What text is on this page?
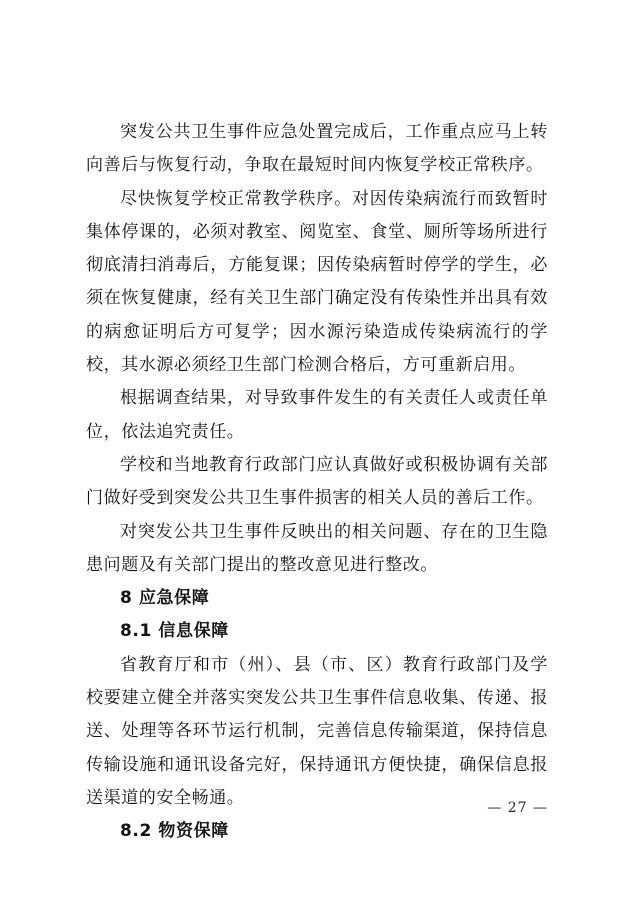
突发公共卫生事件应急处置完成后，工作重点应马上转向善后与恢复行动，争取在最短时间内恢复学校正常秩序。

尽快恢复学校正常教学秩序。对因传染病流行而致暂时集体停课的，必须对教室、阅览室、食堂、厕所等场所进行彻底清扫消毒后，方能复课；因传染病暂时停学的学生，必须在恢复健康，经有关卫生部门确定没有传染性并出具有效的病愈证明后方可复学；因水源污染造成传染病流行的学校，其水源必须经卫生部门检测合格后，方可重新启用。

根据调查结果，对导致事件发生的有关责任人或责任单位，依法追究责任。

学校和当地教育行政部门应认真做好或积极协调有关部门做好受到突发公共卫生事件损害的相关人员的善后工作。

对突发公共卫生事件反映出的相关问题、存在的卫生隐患问题及有关部门提出的整改意见进行整改。

8 应急保障

8.1 信息保障

省教育厅和市（州）、县（市、区）教育行政部门及学校要建立健全并落实突发公共卫生事件信息收集、传递、报送、处理等各环节运行机制，完善信息传输渠道，保持信息传输设施和通讯设备完好，保持通讯方便快捷，确保信息报送渠道的安全畅通。

8.2 物资保障

— 27 —
